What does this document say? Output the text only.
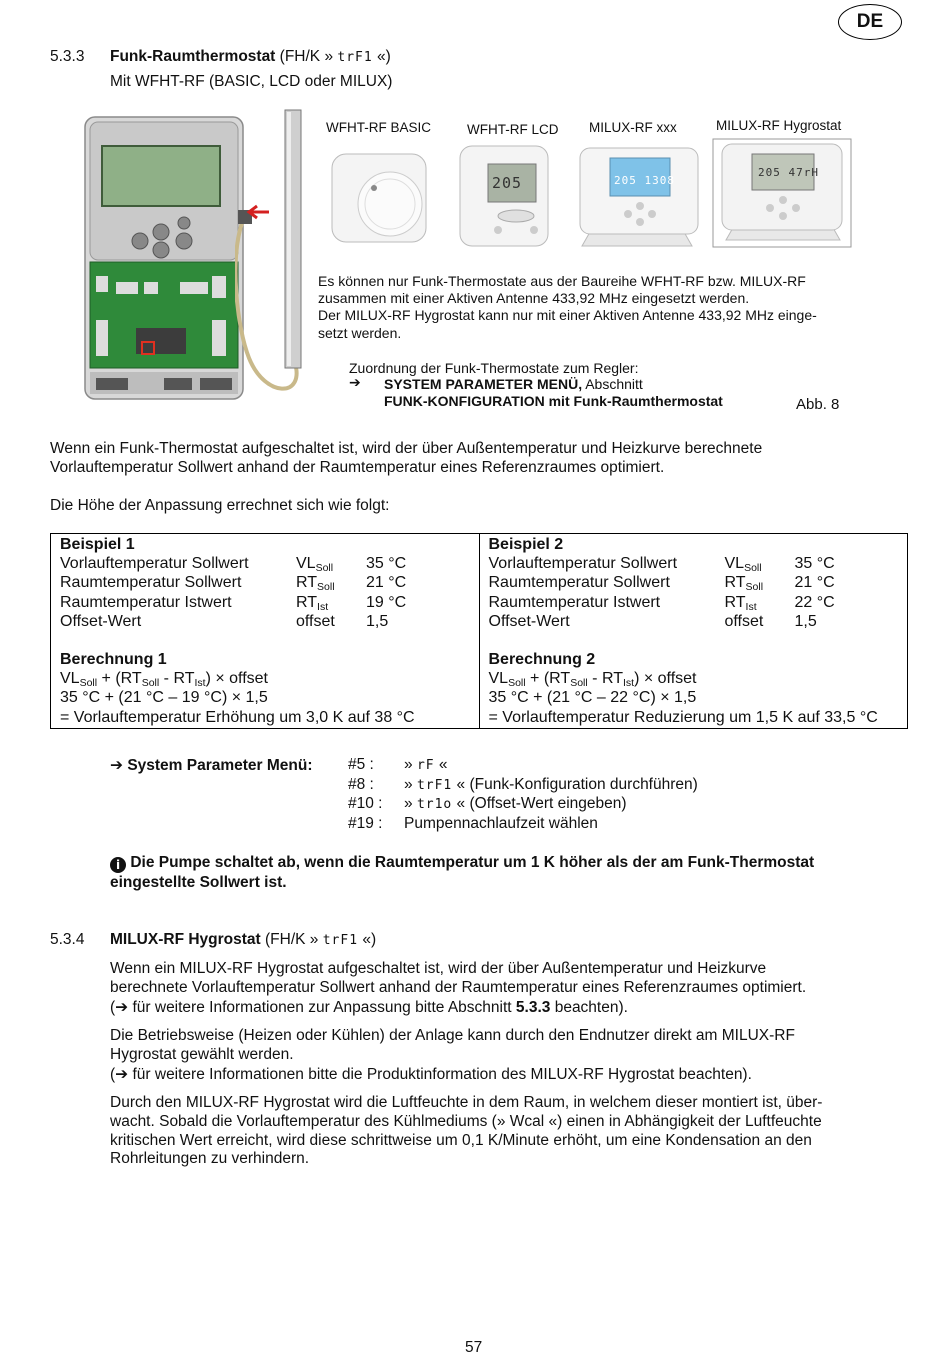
DE
5.3.3 Funk-Raumthermostat (FH/K » trF1 «)
Mit WFHT-RF (BASIC, LCD oder MILUX)
WFHT-RF BASIC	WFHT-RF LCD MILUX-RF xxx	MILUX-RF Hygrostat
205	205 1308
205 47rH
Es können nur Funk-Thermostate aus der Baureihe WFHT-RF bzw. MILUX-RF
zusammen mit einer Aktiven Antenne 433,92 MHz eingesetzt werden.
Der MILUX-RF Hygrostat kann nur mit einer Aktiven Antenne 433,92 MHz einge-
setzt werden.
Zuordnung der Funk-Thermostate zum Regler:
➔ SYSTEM PARAMETER MENÜ, Abschnitt
FUNK-KONFIGURATION mit Funk-Raumthermostat	Abb. 8
Wenn ein Funk-Thermostat aufgeschaltet ist, wird der über Außentemperatur und Heizkurve berechnete
Vorlauftemperatur Sollwert anhand der Raumtemperatur eines Referenzraumes optimiert.
Die Höhe der Anpassung errechnet sich wie folgt:
Beispiel 1
Vorlauftemperatur Sollwert	$VL_{Soll}$	35 °C
Raumtemperatur Sollwert	$RT_{Soll}$	21 °C
Raumtemperatur Istwert	$RT_{Ist}$	19 °C
Offset-Wert	offset	1,5
Berechnung 1
$VL_{Soll} + (RT_{Soll} - RT_{Ist})$ × offset
35 °C + (21 °C – 19 °C) × 1,5
= Vorlauftemperatur Erhöhung um 3,0 K auf 38 °C

Beispiel 2
Vorlauftemperatur Sollwert	$VL_{Soll}$	35 °C
Raumtemperatur Sollwert	$RT_{Soll}$	21 °C
Raumtemperatur Istwert	$RT_{Ist}$	22 °C
Offset-Wert	offset	1,5
Berechnung 2
$VL_{Soll} + (RT_{Soll} - RT_{Ist})$ × offset
35 °C + (21 °C – 22 °C) × 1,5
= Vorlauftemperatur Reduzierung um 1,5 K auf 33,5 °C
➔ System Parameter Menü: #5 : » rF «
#8 : » trF1 « (Funk-Konfiguration durchführen)
#10 : » tr1o « (Offset-Wert eingeben)
#19 : Pumpennachlaufzeit wählen
i Die Pumpe schaltet ab, wenn die Raumtemperatur um 1 K höher als der am Funk-Thermostat
eingestellte Sollwert ist.
5.3.4 MILUX-RF Hygrostat (FH/K » trF1 «)
Wenn ein MILUX-RF Hygrostat aufgeschaltet ist, wird der über Außentemperatur und Heizkurve
berechnete Vorlauftemperatur Sollwert anhand der Raumtemperatur eines Referenzraumes optimiert.
(➔ für weitere Informationen zur Anpassung bitte Abschnitt 5.3.3 beachten).
Die Betriebsweise (Heizen oder Kühlen) der Anlage kann durch den Endnutzer direkt am MILUX-RF
Hygrostat gewählt werden.
(➔ für weitere Informationen bitte die Produktinformation des MILUX-RF Hygrostat beachten).
Durch den MILUX-RF Hygrostat wird die Luftfeuchte in dem Raum, in welchem dieser montiert ist, über-
wacht. Sobald die Vorlauftemperatur des Kühlmediums (» Wcal «) einen in Abhängigkeit der Luftfeuchte
kritischen Wert erreicht, wird diese schrittweise um 0,1 K/Minute erhöht, um eine Kondensation an den
Rohrleitungen zu verhindern.
57
